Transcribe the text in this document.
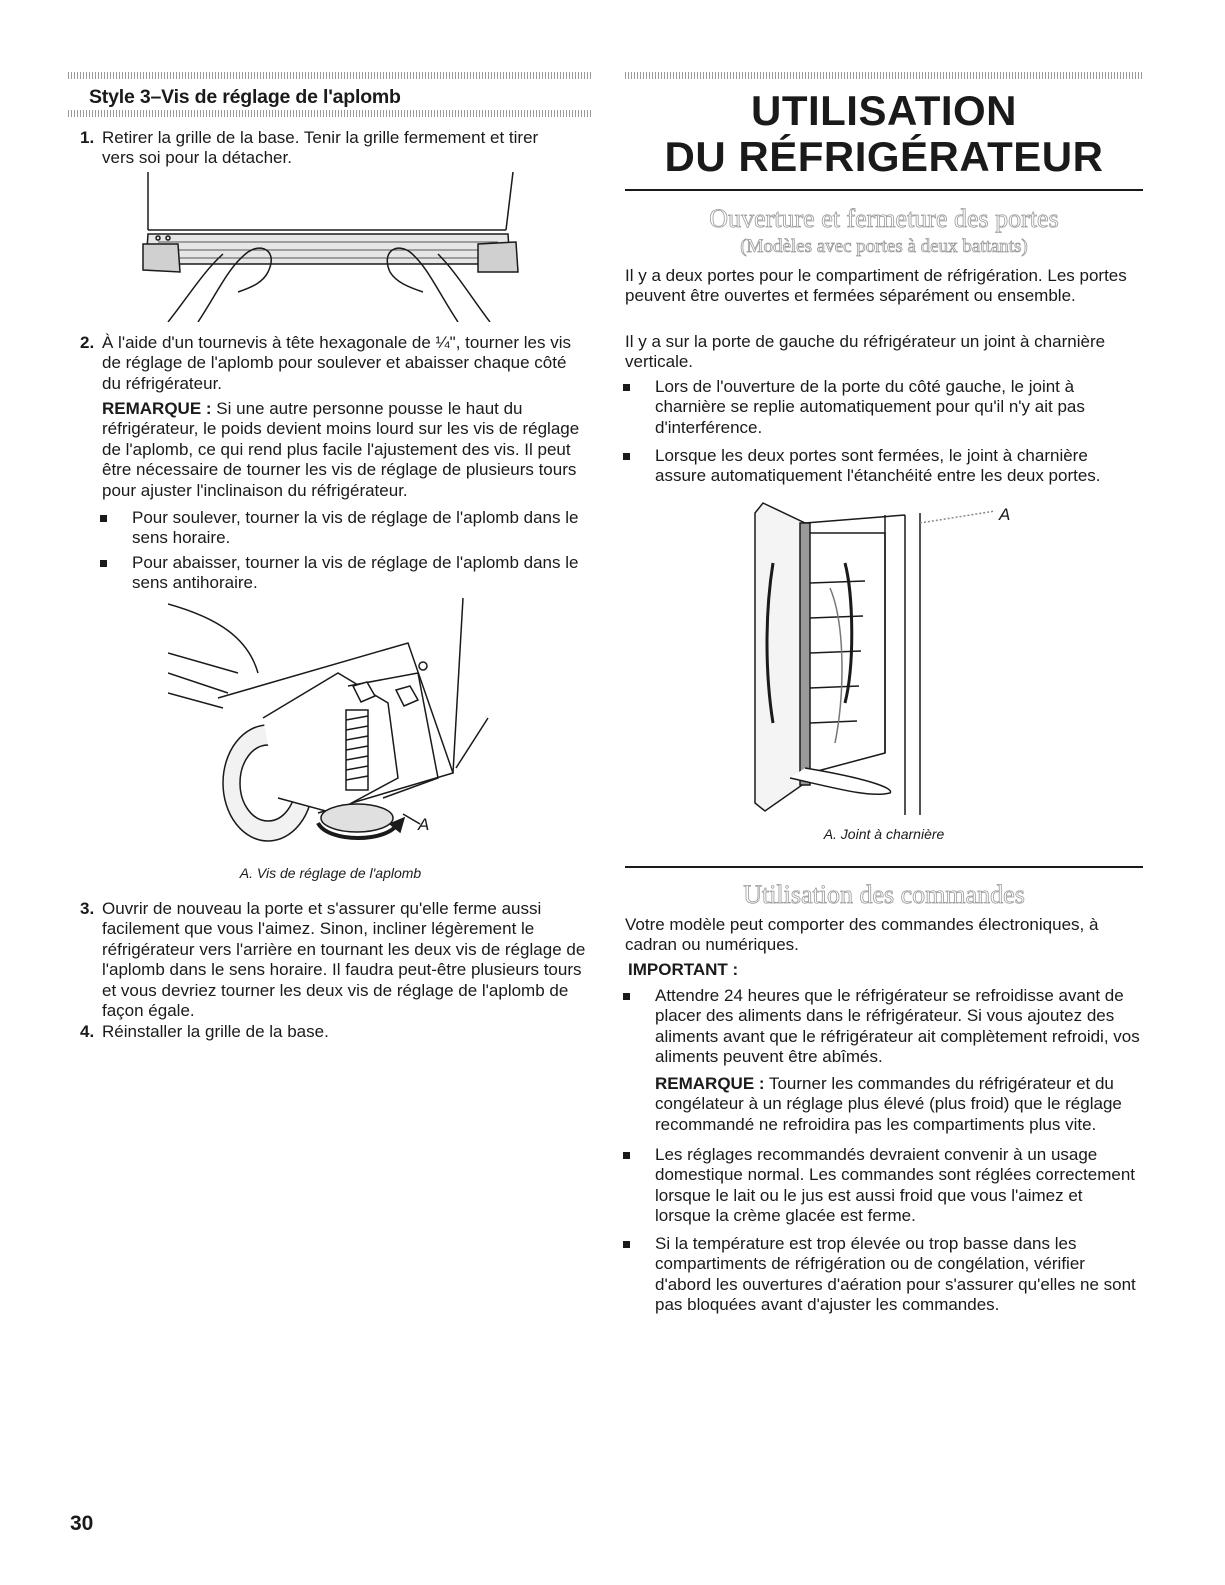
Style 3–Vis de réglage de l'aplomb
1. Retirer la grille de la base. Tenir la grille fermement et tirer vers soi pour la détacher.
2. À l'aide d'un tournevis à tête hexagonale de ¼", tourner les vis de réglage de l'aplomb pour soulever et abaisser chaque côté du réfrigérateur.
REMARQUE : Si une autre personne pousse le haut du réfrigérateur, le poids devient moins lourd sur les vis de réglage de l'aplomb, ce qui rend plus facile l'ajustement des vis. Il peut être nécessaire de tourner les vis de réglage de plusieurs tours pour ajuster l'inclinaison du réfrigérateur.
Pour soulever, tourner la vis de réglage de l'aplomb dans le sens horaire.
Pour abaisser, tourner la vis de réglage de l'aplomb dans le sens antihoraire.
A
A. Vis de réglage de l'aplomb
3. Ouvrir de nouveau la porte et s'assurer qu'elle ferme aussi facilement que vous l'aimez. Sinon, incliner légèrement le réfrigérateur vers l'arrière en tournant les deux vis de réglage de l'aplomb dans le sens horaire. Il faudra peut-être plusieurs tours et vous devriez tourner les deux vis de réglage de l'aplomb de façon égale.
4. Réinstaller la grille de la base.
UTILISATION
DU RÉFRIGÉRATEUR
Ouverture et fermeture des portes
(Modèles avec portes à deux battants)
Il y a deux portes pour le compartiment de réfrigération. Les portes peuvent être ouvertes et fermées séparément ou ensemble.
Il y a sur la porte de gauche du réfrigérateur un joint à charnière verticale.
Lors de l'ouverture de la porte du côté gauche, le joint à charnière se replie automatiquement pour qu'il n'y ait pas d'interférence.
Lorsque les deux portes sont fermées, le joint à charnière assure automatiquement l'étanchéité entre les deux portes.
A
A. Joint à charnière
Utilisation des commandes
Votre modèle peut comporter des commandes électroniques, à cadran ou numériques.
IMPORTANT :
Attendre 24 heures que le réfrigérateur se refroidisse avant de placer des aliments dans le réfrigérateur. Si vous ajoutez des aliments avant que le réfrigérateur ait complètement refroidi, vos aliments peuvent être abîmés.
REMARQUE : Tourner les commandes du réfrigérateur et du congélateur à un réglage plus élevé (plus froid) que le réglage recommandé ne refroidira pas les compartiments plus vite.
Les réglages recommandés devraient convenir à un usage domestique normal. Les commandes sont réglées correctement lorsque le lait ou le jus est aussi froid que vous l'aimez et lorsque la crème glacée est ferme.
Si la température est trop élevée ou trop basse dans les compartiments de réfrigération ou de congélation, vérifier d'abord les ouvertures d'aération pour s'assurer qu'elles ne sont pas bloquées avant d'ajuster les commandes.
30
